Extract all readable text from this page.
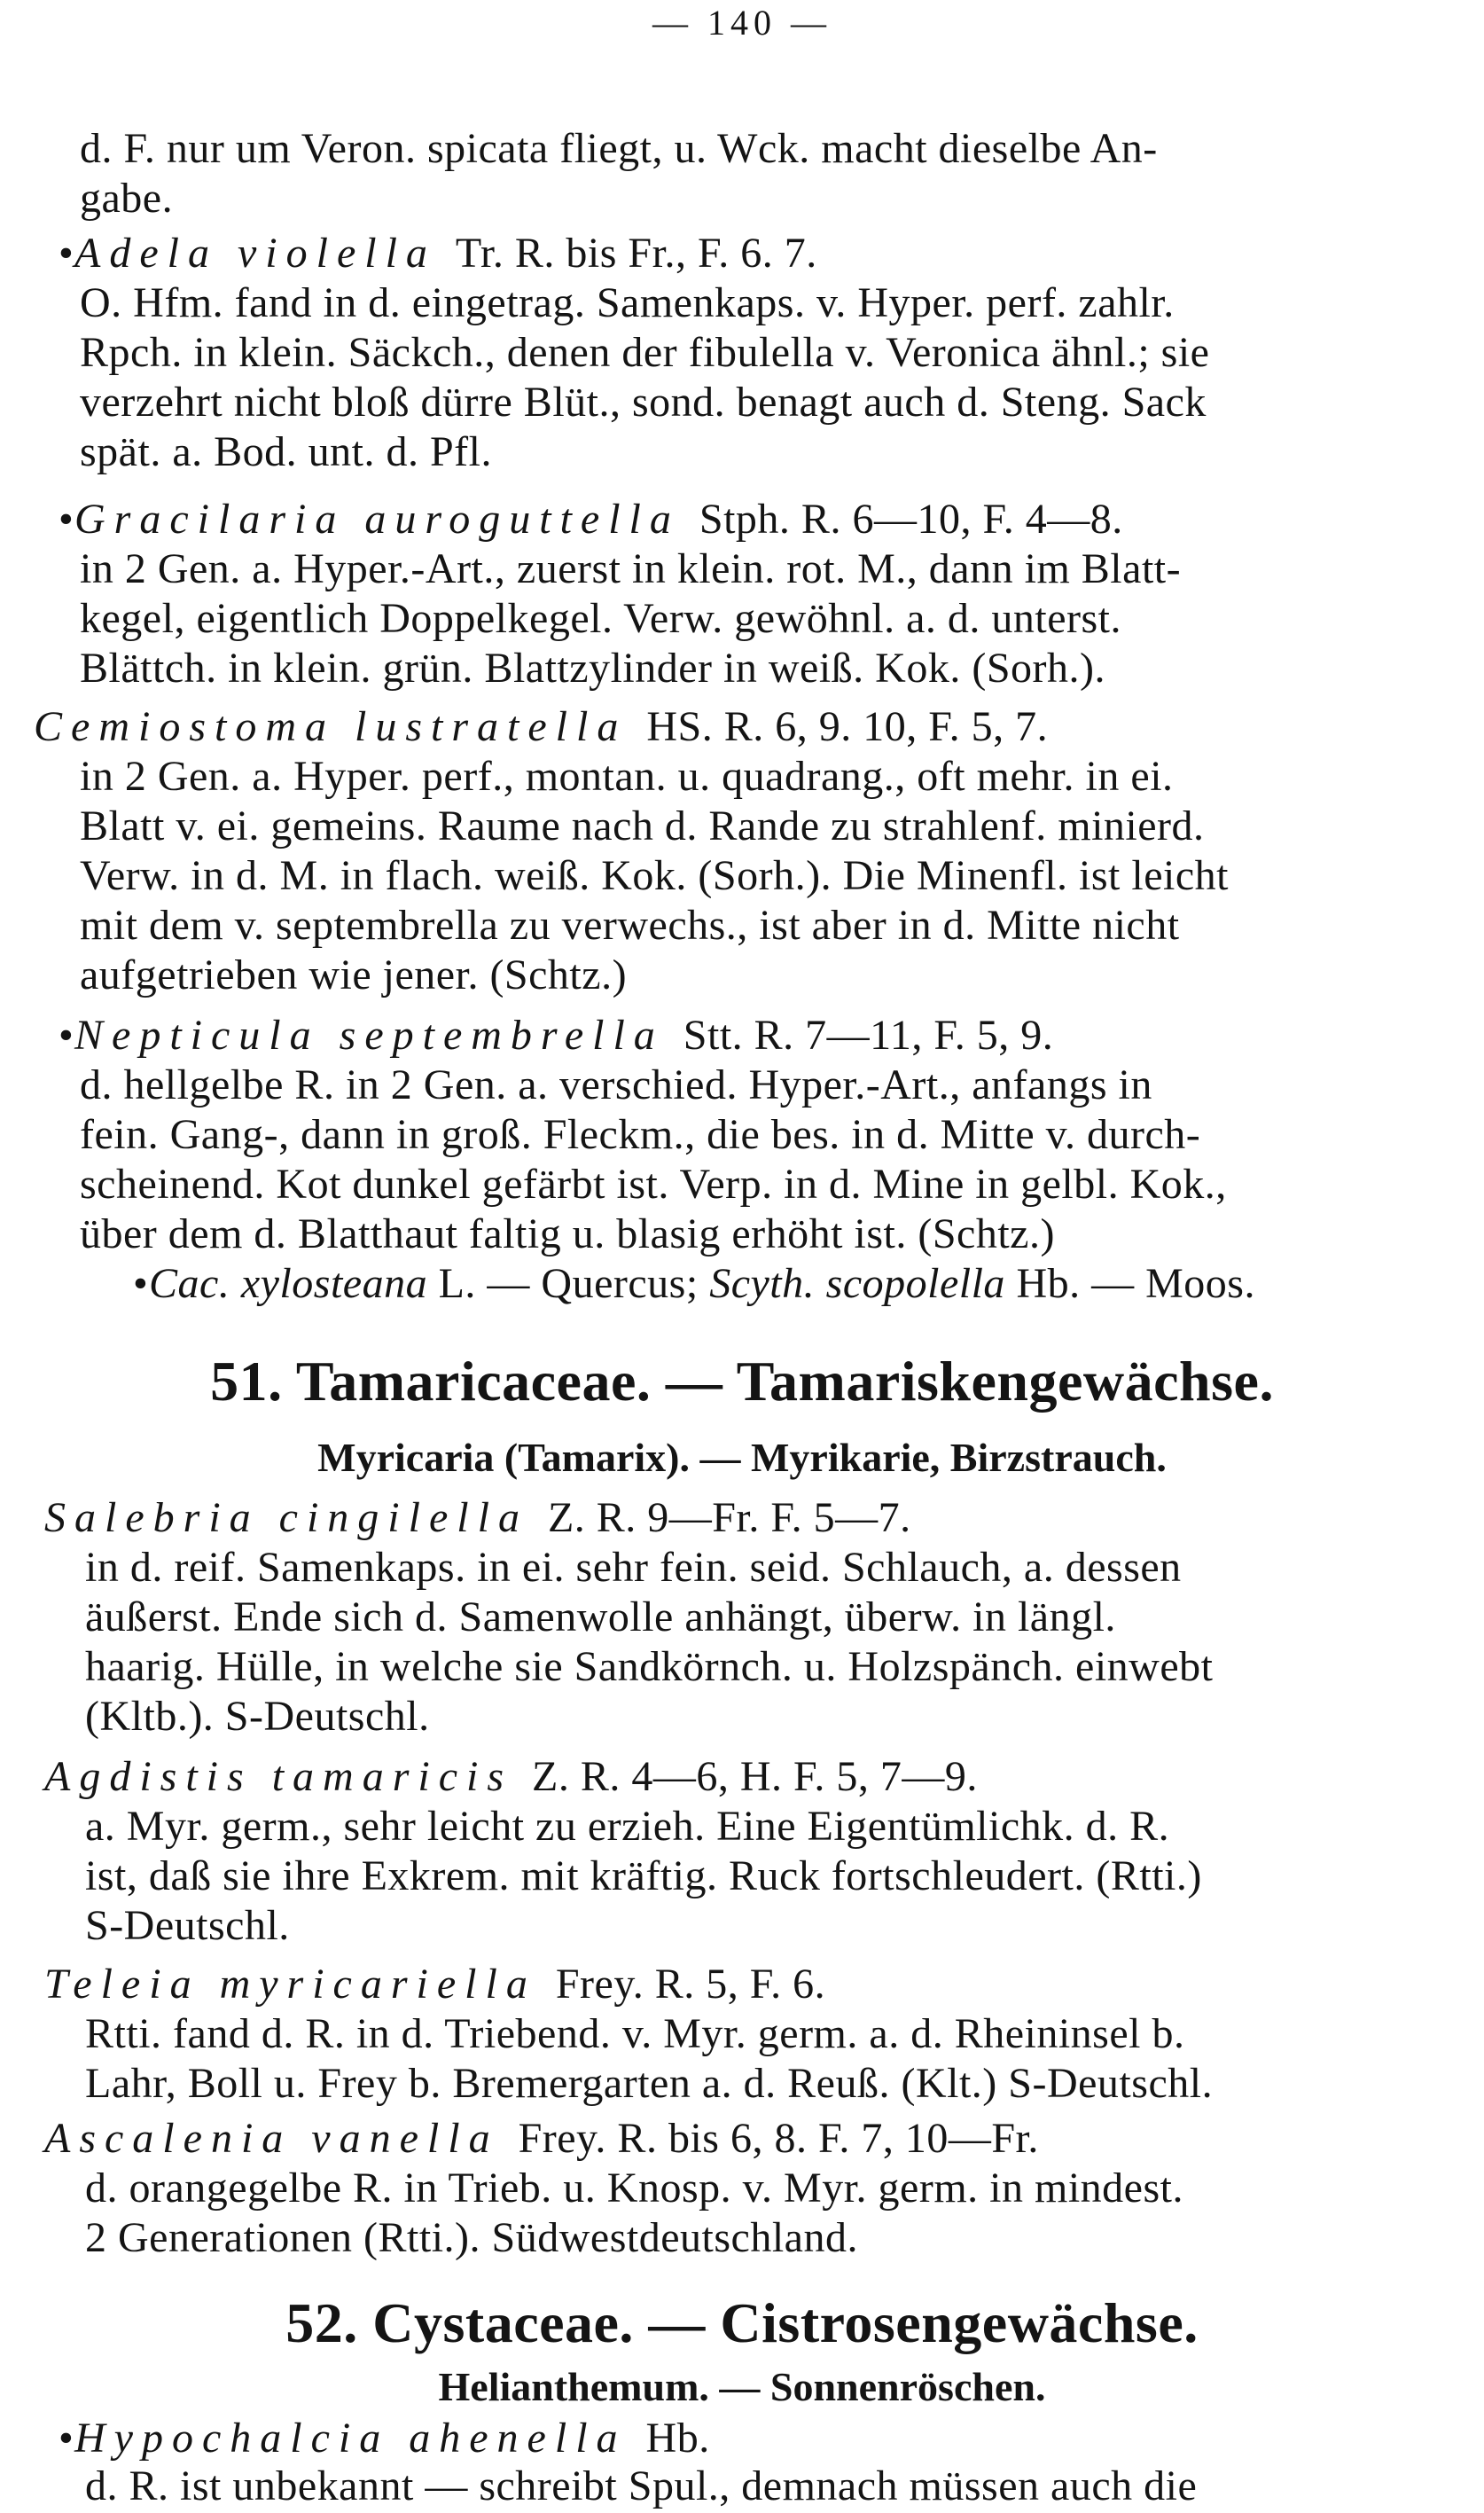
— 140 —
d. F. nur um Veron. spicata fliegt, u. Wck. macht dieselbe An-
gabe.
•Adela violella Tr. R. bis Fr., F. 6. 7.
O. Hfm. fand in d. eingetrag. Samenkaps. v. Hyper. perf. zahlr.
Rpch. in klein. Säckch., denen der fibulella v. Veronica ähnl.; sie
verzehrt nicht bloß dürre Blüt., sond. benagt auch d. Steng. Sack
spät. a. Bod. unt. d. Pfl.
•Gracilaria auroguttella Stph. R. 6—10, F. 4—8.
in 2 Gen. a. Hyper.-Art., zuerst in klein. rot. M., dann im Blatt-
kegel, eigentlich Doppelkegel. Verw. gewöhnl. a. d. unterst.
Blättch. in klein. grün. Blattzylinder in weiß. Kok. (Sorh.).
Cemiostoma lustratella HS. R. 6, 9. 10, F. 5, 7.
in 2 Gen. a. Hyper. perf., montan. u. quadrang., oft mehr. in ei.
Blatt v. ei. gemeins. Raume nach d. Rande zu strahlenf. minierd.
Verw. in d. M. in flach. weiß. Kok. (Sorh.). Die Minenfl. ist leicht
mit dem v. septembrella zu verwechs., ist aber in d. Mitte nicht
aufgetrieben wie jener. (Schtz.)
•Nepticula septembrella Stt. R. 7—11, F. 5, 9.
d. hellgelbe R. in 2 Gen. a. verschied. Hyper.-Art., anfangs in
fein. Gang-, dann in groß. Fleckm., die bes. in d. Mitte v. durch-
scheinend. Kot dunkel gefärbt ist. Verp. in d. Mine in gelbl. Kok.,
über dem d. Blatthaut faltig u. blasig erhöht ist. (Schtz.)
•Cac. xylosteana L. — Quercus; Scyth. scopolella Hb. — Moos.
51. Tamaricaceae. — Tamariskengewächse.
Myricaria (Tamarix). — Myrikarie, Birzstrauch.
Salebria cingilella Z. R. 9—Fr. F. 5—7.
in d. reif. Samenkaps. in ei. sehr fein. seid. Schlauch, a. dessen
äußerst. Ende sich d. Samenwolle anhängt, überw. in längl.
haarig. Hülle, in welche sie Sandkörnch. u. Holzspänch. einwebt
(Kltb.). S-Deutschl.
Agdistis tamaricis Z. R. 4—6, H. F. 5, 7—9.
a. Myr. germ., sehr leicht zu erzieh. Eine Eigentümlichk. d. R.
ist, daß sie ihre Exkrem. mit kräftig. Ruck fortschleudert. (Rtti.)
S-Deutschl.
Teleia myricariella Frey. R. 5, F. 6.
Rtti. fand d. R. in d. Triebend. v. Myr. germ. a. d. Rheininsel b.
Lahr, Boll u. Frey b. Bremergarten a. d. Reuß. (Klt.) S-Deutschl.
Ascalenia vanella Frey. R. bis 6, 8. F. 7, 10—Fr.
d. orangegelbe R. in Trieb. u. Knosp. v. Myr. germ. in mindest.
2 Generationen (Rtti.). Südwestdeutschland.
52. Cystaceae. — Cistrosengewächse.
Helianthemum. — Sonnenröschen.
•Hypochalcia ahenella Hb.
d. R. ist unbekannt — schreibt Spul., demnach müssen auch die
